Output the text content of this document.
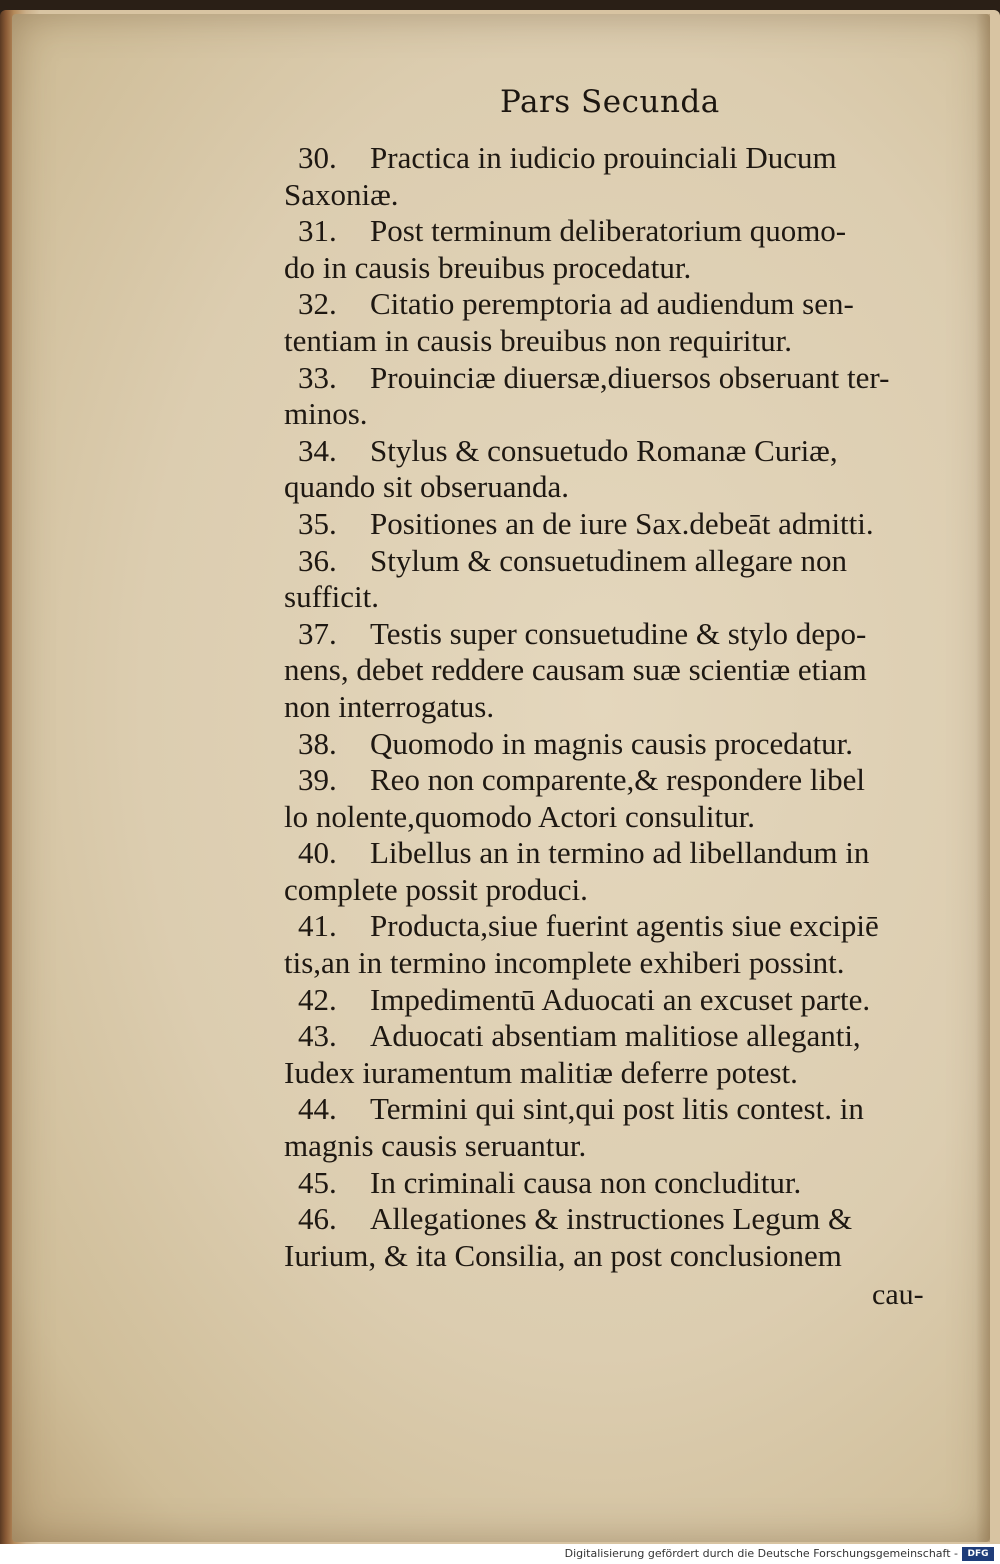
Pars Secunda
30. Practica in iudicio prouinciali Ducum
Saxoniæ.
31. Post terminum deliberatorium quomo-
do in causis breuibus procedatur.
32. Citatio peremptoria ad audiendum sen-
tentiam in causis breuibus non requiritur.
33. Prouinciæ diuersæ,diuersos obseruant ter-
minos.
34. Stylus & consuetudo Romanæ Curiæ,
quando sit obseruanda.
35. Positiones an de iure Sax.debeāt admitti.
36. Stylum & consuetudinem allegare non
sufficit.
37. Testis super consuetudine & stylo depo-
nens, debet reddere causam suæ scientiæ etiam
non interrogatus.
38. Quomodo in magnis causis procedatur.
39. Reo non comparente,& respondere libel
lo nolente,quomodo Actori consulitur.
40. Libellus an in termino ad libellandum in
complete possit produci.
41. Producta,siue fuerint agentis siue excipiē
tis,an in termino incomplete exhiberi possint.
42. Impedimentū Aduocati an excuset parte.
43. Aduocati absentiam malitiose alleganti,
Iudex iuramentum malitiæ deferre potest.
44. Termini qui sint,qui post litis contest. in
magnis causis seruantur.
45. In criminali causa non concluditur.
46. Allegationes & instructiones Legum &
Iurium, & ita Consilia, an post conclusionem
cau-
Digitalisierung gefördert durch die Deutsche Forschungsgemeinschaft -	DFG
